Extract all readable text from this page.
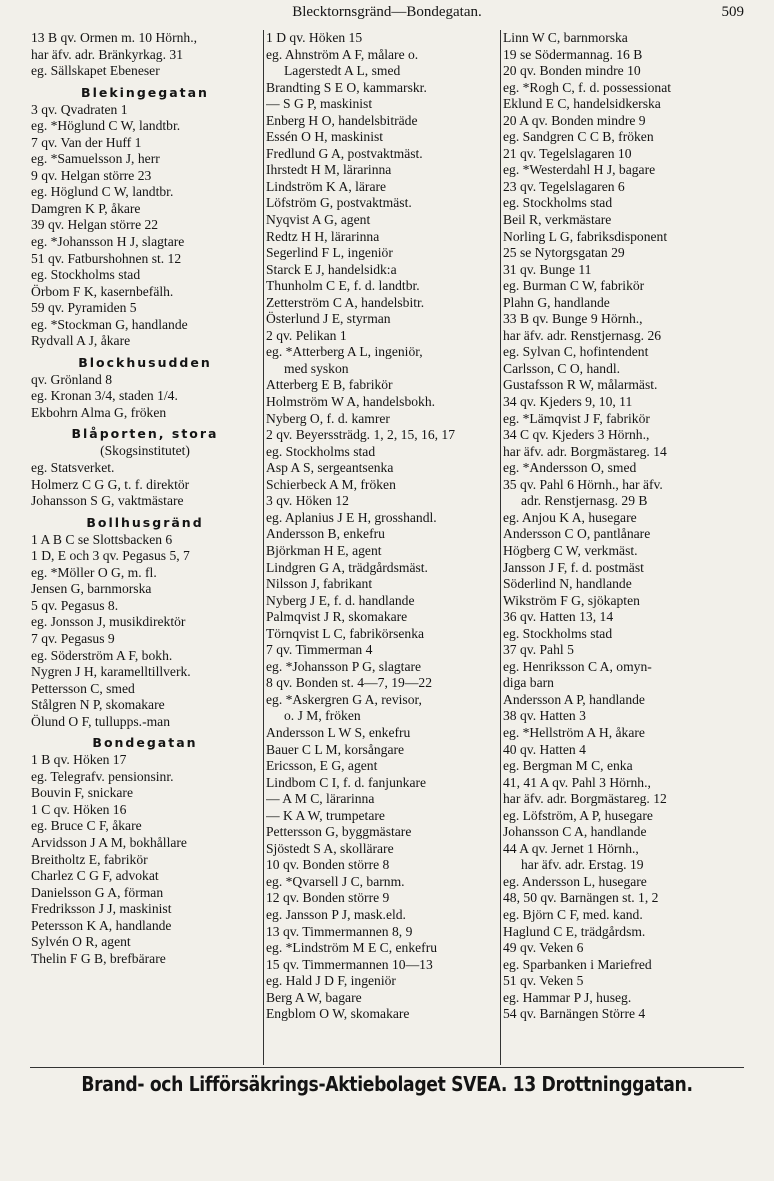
Blecktornsgränd—Bondegatan.	509
13 B qv. Ormen m. 10 Hörnh.,
har äfv. adr. Bränkyrkag. 31
eg. Sällskapet Ebeneser
Blekingegatan
3 qv. Qvadraten 1
eg. *Höglund C W, landtbr.
7 qv. Van der Huff 1
eg. *Samuelsson J, herr
9 qv. Helgan större 23
eg. Höglund C W, landtbr.
Damgren K P, åkare
39 qv. Helgan större 22
eg. *Johansson H J, slagtare
51 qv. Fatburshohnen st. 12
eg. Stockholms stad
Örbom F K, kasernbefälh.
59 qv. Pyramiden 5
eg. *Stockman G, handlande
Rydvall A J, åkare
Blockhusudden
qv. Grönland 8
eg. Kronan 3/4, staden 1/4.
Ekbohrn Alma G, fröken
Blåporten, stora
(Skogsinstitutet)
eg. Statsverket.
Holmerz C G G, t. f. direktör
Johansson S G, vaktmästare
Bollhusgränd
1 A B C se Slottsbacken 6
1 D, E och 3 qv. Pegasus 5, 7
eg. *Möller O G, m. fl.
Jensen G, barnmorska
5 qv. Pegasus 8.
eg. Jonsson J, musikdirektör
7 qv. Pegasus 9
eg. Söderström A F, bokh.
Nygren J H, karamelltillverk.
Pettersson C, smed
Stålgren N P, skomakare
Ölund O F, tullupps.-man
Bondegatan
1 B qv. Höken 17
eg. Telegrafv. pensionsinr.
Bouvin F, snickare
1 C qv. Höken 16
eg. Bruce C F, åkare
Arvidsson J A M, bokhållare
Breitholtz E, fabrikör
Charlez C G F, advokat
Danielsson G A, förman
Fredriksson J J, maskinist
Petersson K A, handlande
Sylvén O R, agent
Thelin F G B, brefbärare
1 D qv. Höken 15
eg. Ahnström A F, målare o.
Lagerstedt A L, smed
Brandting S E O, kammarskr.
— S G P, maskinist
Enberg H O, handelsbiträde
Essén O H, maskinist
Fredlund G A, postvaktmäst.
Ihrstedt H M, lärarinna
Lindström K A, lärare
Löfström G, postvaktmäst.
Nyqvist A G, agent
Redtz H H, lärarinna
Segerlind F L, ingeniör
Starck E J, handelsidk:a
Thunholm C E, f. d. landtbr.
Zetterström C A, handelsbitr.
Österlund J E, styrman
2 qv. Pelikan 1
eg. *Atterberg A L, ingeniör,
med syskon
Atterberg E B, fabrikör
Holmström W A, handelsbokh.
Nyberg O, f. d. kamrer
2 qv. Beyerssträdg. 1, 2, 15, 16, 17
eg. Stockholms stad
Asp A S, sergeantsenka
Schierbeck A M, fröken
3 qv. Höken 12
eg. Aplanius J E H, grosshandl.
Andersson B, enkefru
Björkman H E, agent
Lindgren G A, trädgårdsmäst.
Nilsson J, fabrikant
Nyberg J E, f. d. handlande
Palmqvist J R, skomakare
Törnqvist L C, fabrikörsenka
7 qv. Timmerman 4
eg. *Johansson P G, slagtare
8 qv. Bonden st. 4—7, 19—22
eg. *Askergren G A, revisor,
o. J M, fröken
Andersson L W S, enkefru
Bauer C L M, korsångare
Ericsson, E G, agent
Lindbom C I, f. d. fanjunkare
— A M C, lärarinna
— K A W, trumpetare
Pettersson G, byggmästare
Sjöstedt S A, skollärare
10 qv. Bonden större 8
eg. *Qvarsell J C, barnm.
12 qv. Bonden större 9
eg. Jansson P J, mask.eld.
13 qv. Timmermannen 8, 9
eg. *Lindström M E C, enkefru
15 qv. Timmermannen 10—13
eg. Hald J D F, ingeniör
Berg A W, bagare
Engblom O W, skomakare
Linn W C, barnmorska
19 se Södermannag. 16 B
20 qv. Bonden mindre 10
eg. *Rogh C, f. d. possessionat
Eklund E C, handelsidkerska
20 A qv. Bonden mindre 9
eg. Sandgren C C B, fröken
21 qv. Tegelslagaren 10
eg. *Westerdahl H J, bagare
23 qv. Tegelslagaren 6
eg. Stockholms stad
Beil R, verkmästare
Norling L G, fabriksdisponent
25 se Nytorgsgatan 29
31 qv. Bunge 11
eg. Burman C W, fabrikör
Plahn G, handlande
33 B qv. Bunge 9 Hörnh.,
har äfv. adr. Renstjernasg. 26
eg. Sylvan C, hofintendent
Carlsson, C O, handl.
Gustafsson R W, målarmäst.
34 qv. Kjeders 9, 10, 11
eg. *Lämqvist J F, fabrikör
34 C qv. Kjeders 3 Hörnh.,
har äfv. adr. Borgmästareg. 14
eg. *Andersson O, smed
35 qv. Pahl 6 Hörnh., har äfv.
adr. Renstjernasg. 29 B
eg. Anjou K A, husegare
Andersson C O, pantlånare
Högberg C W, verkmäst.
Jansson J F, f. d. postmäst
Söderlind N, handlande
Wikström F G, sjökapten
36 qv. Hatten 13, 14
eg. Stockholms stad
37 qv. Pahl 5
eg. Henriksson C A, omyn-
diga barn
Andersson A P, handlande
38 qv. Hatten 3
eg. *Hellström A H, åkare
40 qv. Hatten 4
eg. Bergman M C, enka
41, 41 A qv. Pahl 3 Hörnh.,
har äfv. adr. Borgmästareg. 12
eg. Löfström, A P, husegare
Johansson C A, handlande
44 A qv. Jernet 1 Hörnh.,
har äfv. adr. Erstag. 19
eg. Andersson L, husegare
48, 50 qv. Barnängen st. 1, 2
eg. Björn C F, med. kand.
Haglund C E, trädgårdsm.
49 qv. Veken 6
eg. Sparbanken i Mariefred
51 qv. Veken 5
eg. Hammar P J, huseg.
54 qv. Barnängen Större 4
Brand- och Lifförsäkrings-Aktiebolaget SVEA. 13 Drottninggatan.
